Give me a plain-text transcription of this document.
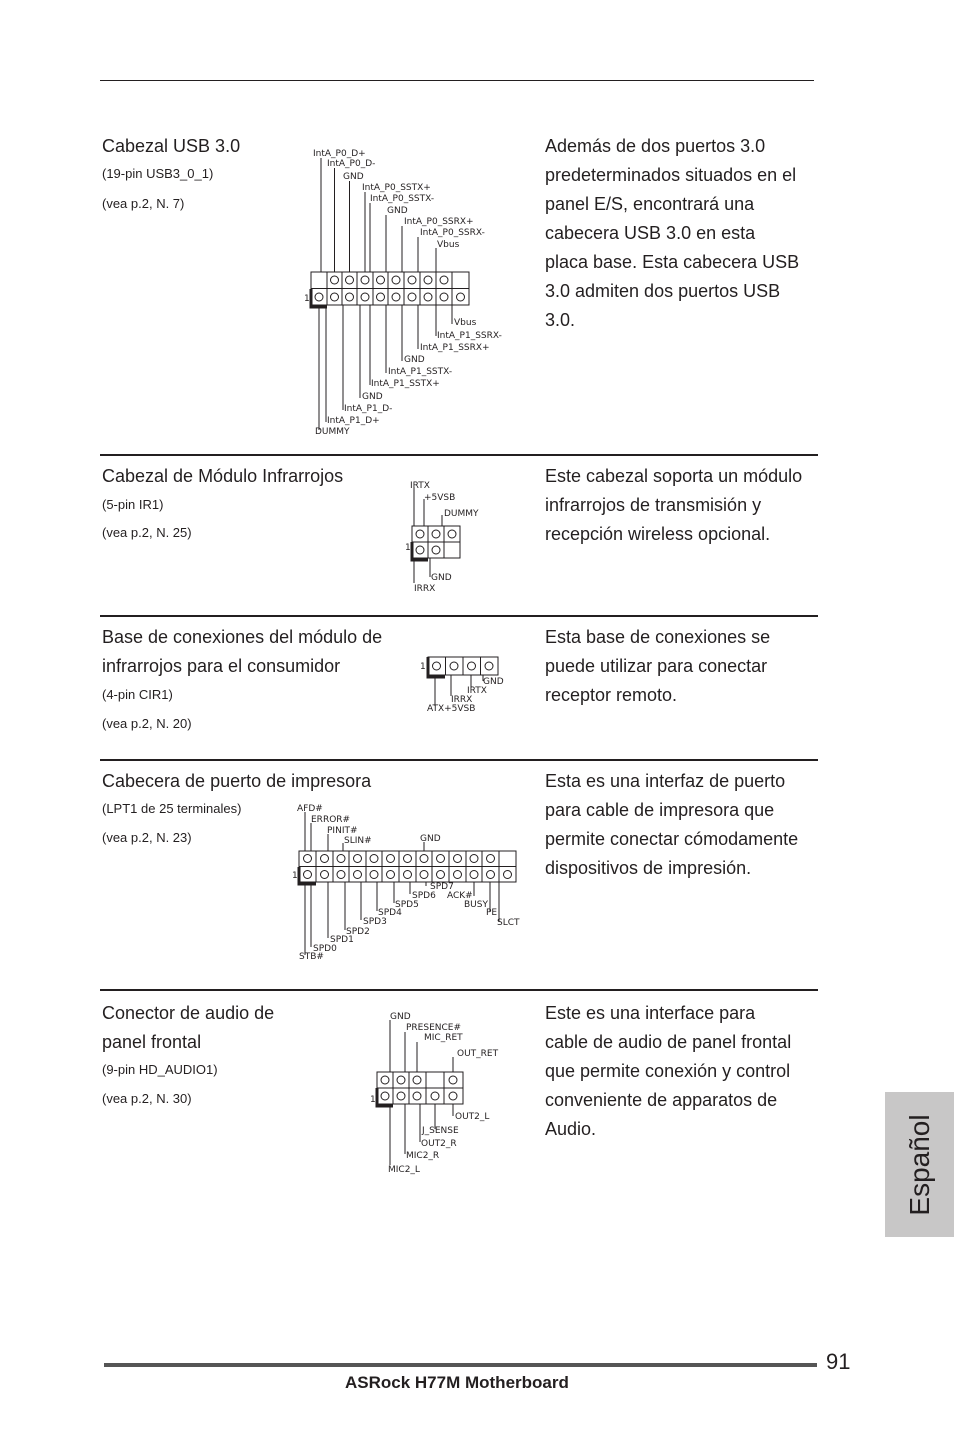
Cabezal USB 3.0
(19-pin USB3_0_1)
(vea p.2, N. 7)
Además de dos puertos 3.0
predeterminados situados en el
panel E/S, encontrará una
cabecera USB 3.0 en esta
placa base. Esta cabecera USB
3.0 admiten dos puertos USB
3.0.
1
IntA_P0_D+
IntA_P0_D-
GND
IntA_P0_SSTX+
IntA_P0_SSTX-
GND
IntA_P0_SSRX+
IntA_P0_SSRX-
Vbus
Vbus
IntA_P1_SSRX-
IntA_P1_SSRX+
GND
IntA_P1_SSTX-
IntA_P1_SSTX+
GND
IntA_P1_D-
IntA_P1_D+
DUMMY
Cabezal de Módulo Infrarrojos
(5-pin IR1)
(vea p.2, N. 25)
Este cabezal soporta un módulo
infrarrojos de transmisión y
recepción wireless opcional.
1
IRTX
+5VSB
DUMMY
GND
IRRX
Base de conexiones del módulo de
infrarrojos para el consumidor
(4-pin CIR1)
(vea p.2, N. 20)
Esta base de conexiones se
puede utilizar para conectar
receptor remoto.
1
GND
IRTX
IRRX
ATX+5VSB
Cabecera de puerto de impresora
(LPT1 de 25 terminales)
(vea p.2, N. 23)
Esta es una interfaz de puerto
para cable de impresora que
permite conectar cómodamente
dispositivos de impresión.
1
AFD#
ERROR#
PINIT#
SLIN#	GND
SPD7
SPD6 ACK#
SPD5	BUSY
SPD4	PE
SPD3	SLCT
SPD2
SPD1
SPD0
STB#
Conector de audio de
panel frontal
(9-pin HD_AUDIO1)
(vea p.2, N. 30)
Este es una interface para
cable de audio de panel frontal
que permite conexión y control
conveniente de apparatos de
Audio.
1
GND
PRESENCE#
MIC_RET
OUT_RET
OUT2_L
J_SENSE
OUT2_R
MIC2_R
MIC2_L	Español
91
ASRock H77M Motherboard
